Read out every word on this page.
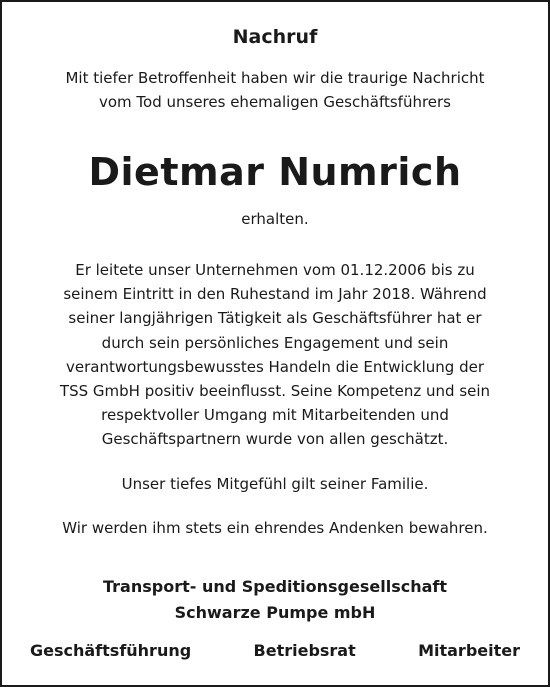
Nachruf
Mit tiefer Betroffenheit haben wir die traurige Nachricht
vom Tod unseres ehemaligen Geschäftsführers
Dietmar Numrich
erhalten.
Er leitete unser Unternehmen vom 01.12.2006 bis zu
seinem Eintritt in den Ruhestand im Jahr 2018. Während
seiner langjährigen Tätigkeit als Geschäftsführer hat er
durch sein persönliches Engagement und sein
verantwortungsbewusstes Handeln die Entwicklung der
TSS GmbH positiv beeinflusst. Seine Kompetenz und sein
respektvoller Umgang mit Mitarbeitenden und
Geschäftspartnern wurde von allen geschätzt.
Unser tiefes Mitgefühl gilt seiner Familie.
Wir werden ihm stets ein ehrendes Andenken bewahren.
Transport- und Speditionsgesellschaft
Schwarze Pumpe mbH
Geschäftsführung	Betriebsrat	Mitarbeiter
